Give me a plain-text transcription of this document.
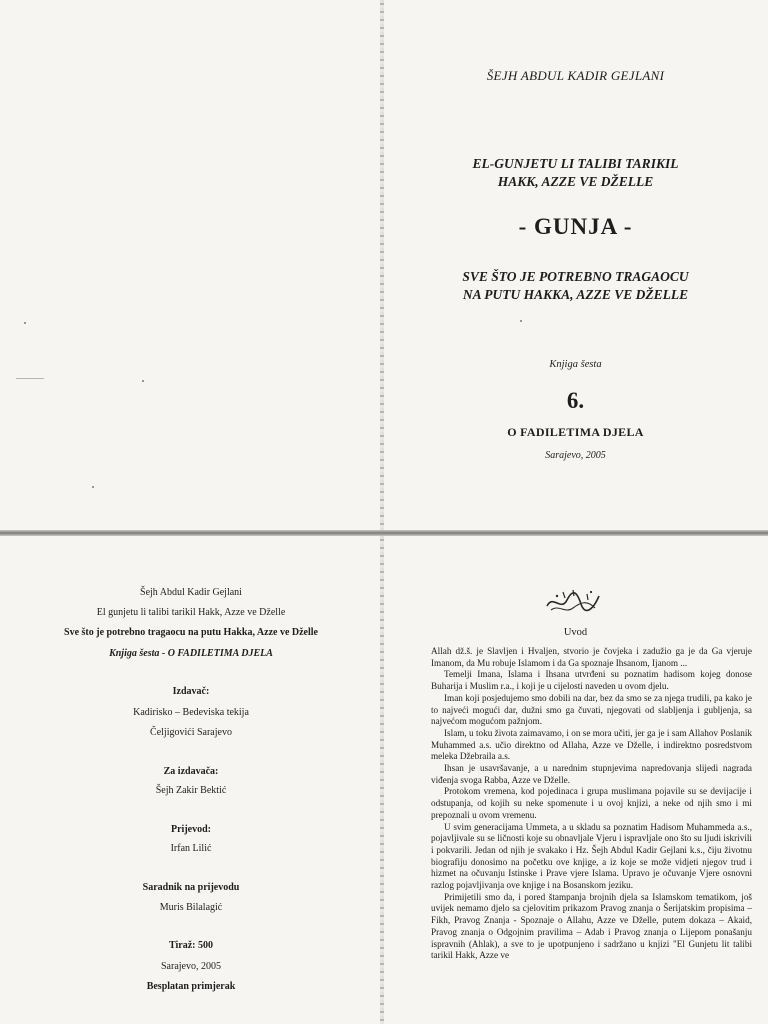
ŠEJH ABDUL KADIR GEJLANI
EL-GUNJETU LI TALIBI TARIKIL
HAKK, AZZE VE DŽELLE
- GUNJA -
SVE ŠTO JE POTREBNO TRAGAOCU
NA PUTU HAKKA, AZZE VE DŽELLE
Knjiga šesta
6.
O FADILETIMA DJELA
Sarajevo, 2005
Šejh Abdul Kadir Gejlani
El gunjetu li talibi tarikil Hakk, Azze ve Dželle
Sve što je potrebno tragaocu na putu Hakka, Azze ve Dželle
Knjiga šesta - O FADILETIMA DJELA
Izdavač:
Kadirisko – Bedeviska tekija
Čeljigovići Sarajevo
Za izdavača:
Šejh Zakir Bektić
Prijevod:
Irfan Lilić
Saradnik na prijevodu
Muris Bilalagić
Tiraž: 500
Sarajevo, 2005
Besplatan primjerak
Uvod

Allah dž.š. je Slavljen i Hvaljen, stvorio je čovjeka i zadužio ga je da Ga vjeruje Imanom, da Mu robuje Islamom i da Ga spoznaje Ihsanom, Ijanom ...

Temelji Imana, Islama i Ihsana utvrđeni su poznatim hadisom kojeg donose Buharija i Muslim r.a., i koji je u cijelosti naveden u ovom djelu.

Iman koji posjedujemo smo dobili na dar, bez da smo se za njega trudili, pa kako je to najveći mogući dar, dužni smo ga čuvati, njegovati od slabljenja i gubljenja, sa najvećom mogućom pažnjom.

Islam, u toku života zaimavamo, i on se mora učiti, jer ga je i sam Allahov Poslanik Muhammed a.s. učio direktno od Allaha, Azze ve Dželle, i indirektno posredstvom meleka Džebraila a.s.

Ihsan je usavršavanje, a u narednim stupnjevima napredovanja slijedi nagrada viđenja svoga Rabba, Azze ve Dželle.

Protokom vremena, kod pojedinaca i grupa muslimana pojavile su se devijacije i odstupanja, od kojih su neke spomenute i u ovoj knjizi, a neke od njih smo i mi prepoznali u ovom vremenu.

U svim generacijama Ummeta, a u skladu sa poznatim Hadisom Muhammeda a.s., pojavljivale su se ličnosti koje su obnavljale Vjeru i ispravljale ono što su ljudi iskrivili i pokvarili. Jedan od njih je svakako i Hz. Šejh Abdul Kadir Gejlani k.s., čiju životnu biografiju donosimo na početku ove knjige, a iz koje se može vidjeti njegov trud i hizmet na očuvanju Istinske i Prave vjere Islama. Upravo je očuvanje Vjere osnovni razlog pojavljivanja ove knjige i na Bosanskom jeziku.

Primijetili smo da, i pored štampanja brojnih djela sa Islamskom tematikom, još uvijek nemamo djelo sa cjelovitim prikazom Pravog znanja o Šerijatskim propisima – Fikh, Pravog Znanja - Spoznaje o Allahu, Azze ve Dželle, putem dokaza – Akaid, Pravog znanja o Odgojnim pravilima – Adab i Pravog znanja o Lijepom ponašanju ispravnih (Ahlak), a sve to je upotpunjeno i sadržano u knjizi "El Gunjetu lit talibi tarikil Hakk, Azze ve
